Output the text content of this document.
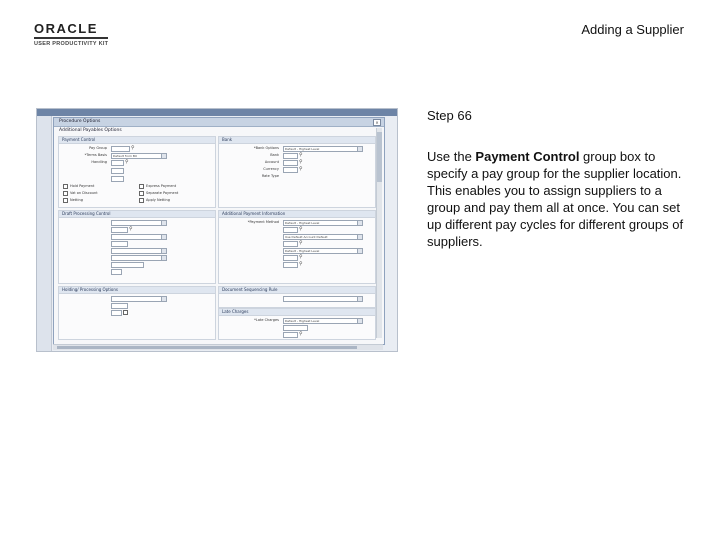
ORACLE
USER PRODUCTIVITY KIT
Adding a Supplier
Step 66
Use the Payment Control group box to specify a pay group for the supplier location. This enables you to assign suppliers to a group and pay them all at once. You can set up different pay cycles for different groups of suppliers.
Procedure Options	×
Additional Payables Options
Payment Control
Pay Group	⚲
*Terms Basis	Default from BU
Handling	⚲
Hold Payment	Express Payment
Vat on Discount	Separate Payment
Netting	Apply Netting
Bank
*Bank Options	Default - Highest Level
Bank	⚲
Account	⚲
Currency	⚲
Rate Type
Draft Processing Control
⚲
Additional Payment Information
*Payment Method	Default - Highest Level
⚲
Use Default Account Default
⚲
Default - Highest Level
⚲
⚲
Holding/ Processing Options	Document Sequencing Rule
Late Charges
*Late Charges	Default - Highest Level
⚲
